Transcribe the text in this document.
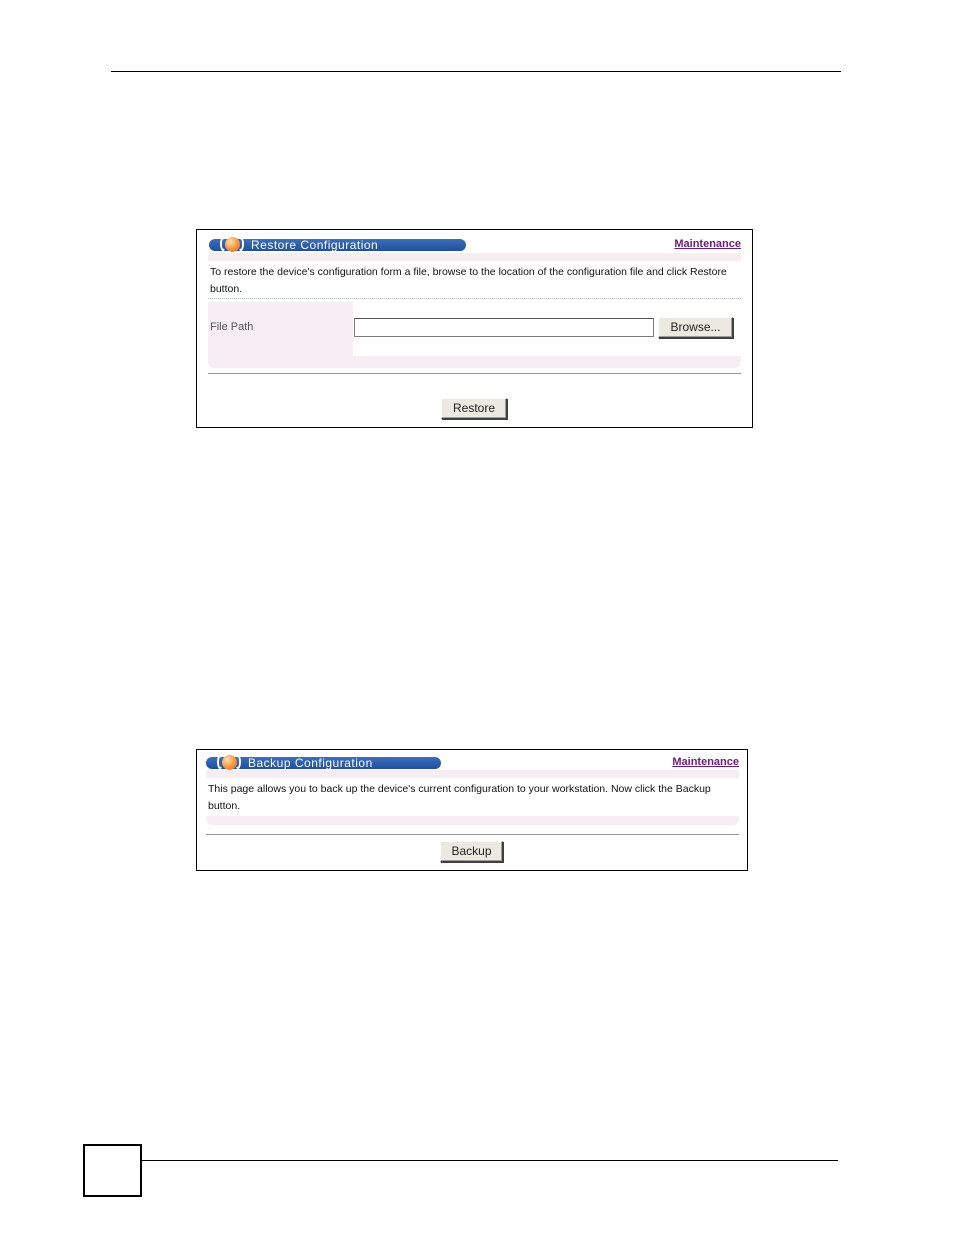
Restore Configuration	Maintenance
To restore the device's configuration form a file, browse to the location of the configuration file and click Restore button.
File Path	Browse...
Restore
Backup Configuration	Maintenance
This page allows you to back up the device's current configuration to your workstation. Now click the Backup button.
Backup
